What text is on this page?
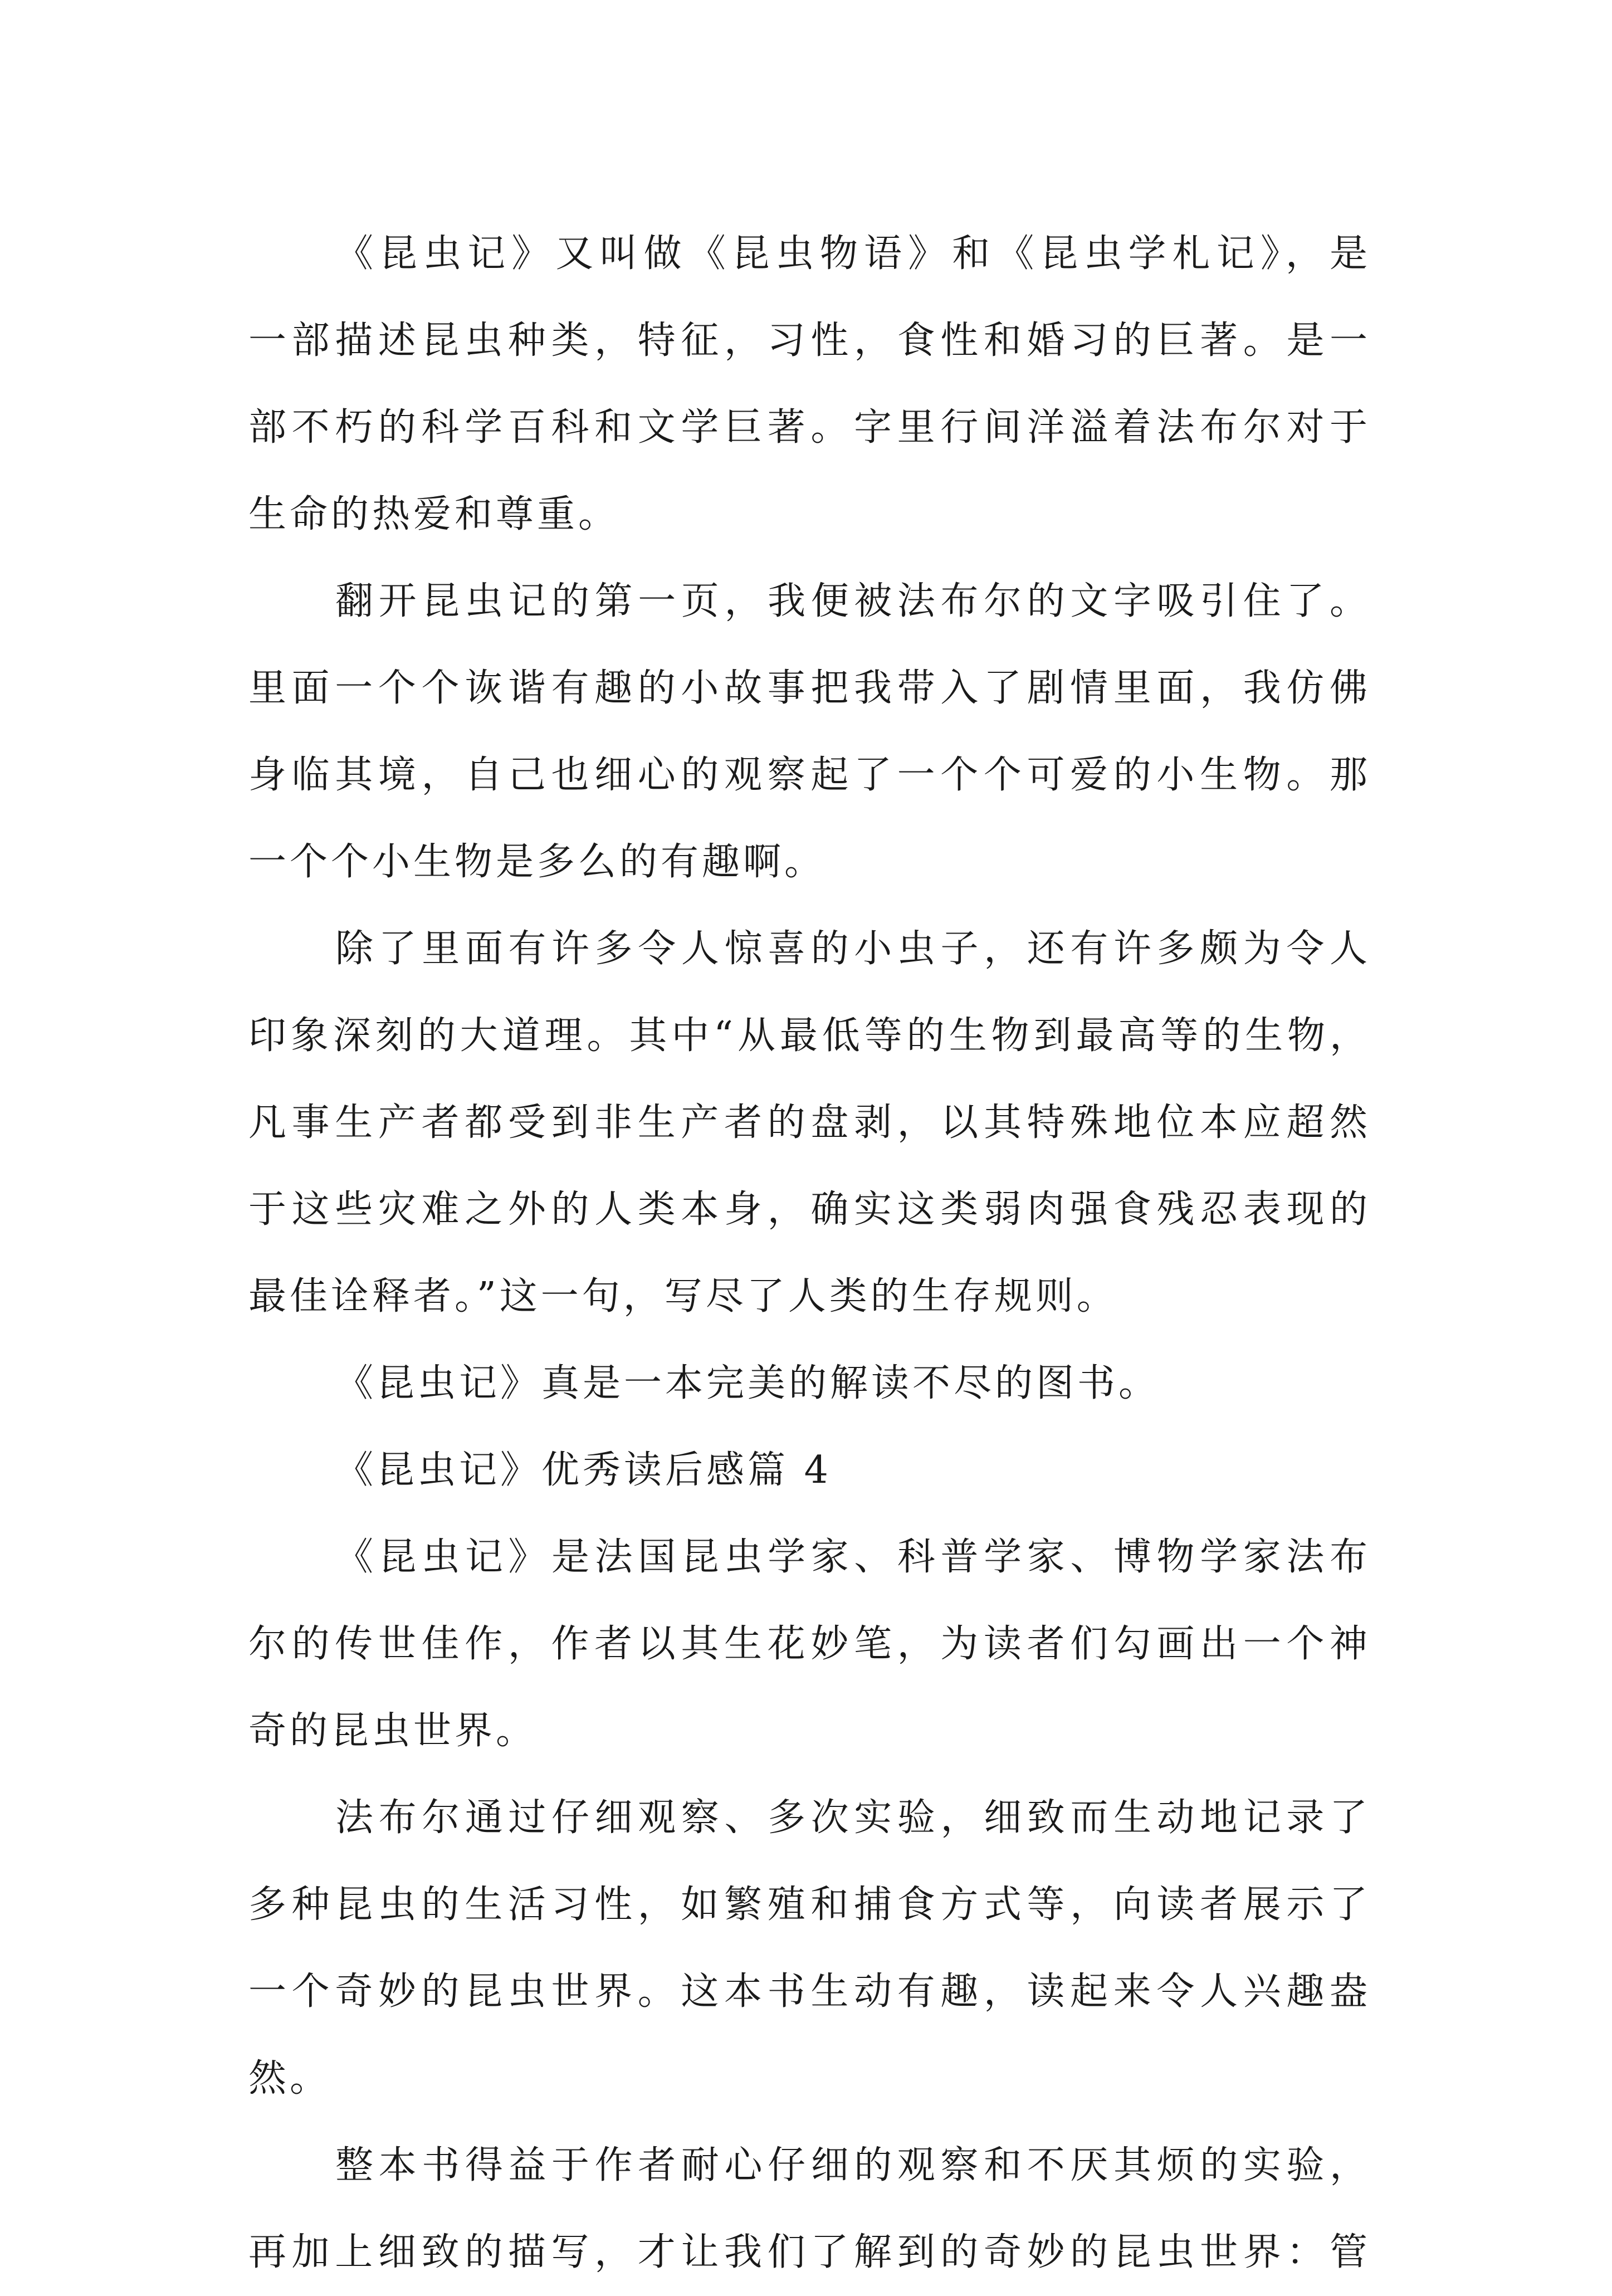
《昆虫记》又叫做《昆虫物语》和《昆虫学札记》，是
一部描述昆虫种类，特征，习性，食性和婚习的巨著。是一
部不朽的科学百科和文学巨著。字里行间洋溢着法布尔对于
生命的热爱和尊重。
翻开昆虫记的第一页，我便被法布尔的文字吸引住了。
里面一个个诙谐有趣的小故事把我带入了剧情里面，我仿佛
身临其境，自己也细心的观察起了一个个可爱的小生物。那
一个个小生物是多么的有趣啊。
除了里面有许多令人惊喜的小虫子，还有许多颇为令人
印象深刻的大道理。其中“从最低等的生物到最高等的生物，
凡事生产者都受到非生产者的盘剥，以其特殊地位本应超然
于这些灾难之外的人类本身，确实这类弱肉强食残忍表现的
最佳诠释者。”这一句，写尽了人类的生存规则。
《昆虫记》真是一本完美的解读不尽的图书。
《昆虫记》优秀读后感篇 4
《昆虫记》是法国昆虫学家、科普学家、博物学家法布
尔的传世佳作，作者以其生花妙笔，为读者们勾画出一个神
奇的昆虫世界。
法布尔通过仔细观察、多次实验，细致而生动地记录了
多种昆虫的生活习性，如繁殖和捕食方式等，向读者展示了
一个奇妙的昆虫世界。这本书生动有趣，读起来令人兴趣盎
然。
整本书得益于作者耐心仔细的观察和不厌其烦的实验，
再加上细致的描写，才让我们了解到的奇妙的昆虫世界：管
